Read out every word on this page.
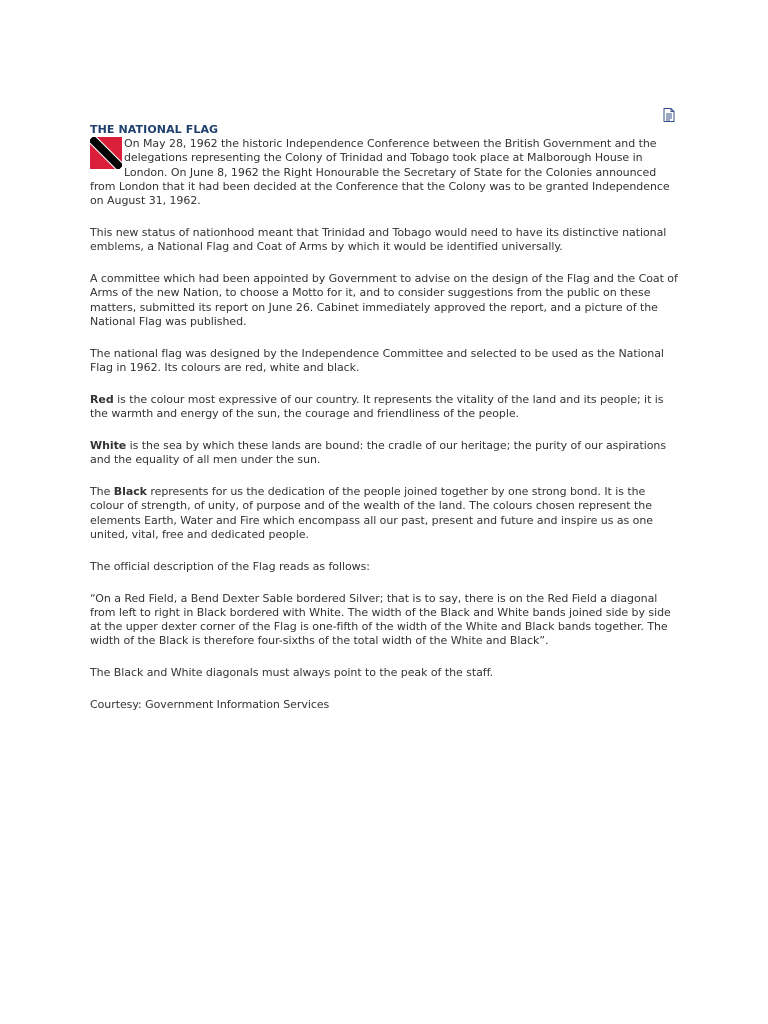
THE NATIONAL FLAG

On May 28, 1962 the historic Independence Conference between the British Government and the delegations representing the Colony of Trinidad and Tobago took place at Malborough House in London. On June 8, 1962 the Right Honourable the Secretary of State for the Colonies announced from London that it had been decided at the Conference that the Colony was to be granted Independence on August 31, 1962.

This new status of nationhood meant that Trinidad and Tobago would need to have its distinctive national emblems, a National Flag and Coat of Arms by which it would be identified universally.

A committee which had been appointed by Government to advise on the design of the Flag and the Coat of Arms of the new Nation, to choose a Motto for it, and to consider suggestions from the public on these matters, submitted its report on June 26. Cabinet immediately approved the report, and a picture of the National Flag was published.

The national flag was designed by the Independence Committee and selected to be used as the National Flag in 1962. Its colours are red, white and black.

Red is the colour most expressive of our country. It represents the vitality of the land and its people; it is the warmth and energy of the sun, the courage and friendliness of the people.

White is the sea by which these lands are bound: the cradle of our heritage; the purity of our aspirations and the equality of all men under the sun.

The Black represents for us the dedication of the people joined together by one strong bond. It is the colour of strength, of unity, of purpose and of the wealth of the land. The colours chosen represent the elements Earth, Water and Fire which encompass all our past, present and future and inspire us as one united, vital, free and dedicated people.

The official description of the Flag reads as follows:

“On a Red Field, a Bend Dexter Sable bordered Silver; that is to say, there is on the Red Field a diagonal from left to right in Black bordered with White. The width of the Black and White bands joined side by side at the upper dexter corner of the Flag is one-fifth of the width of the White and Black bands together. The width of the Black is therefore four-sixths of the total width of the White and Black”.

The Black and White diagonals must always point to the peak of the staff.

Courtesy: Government Information Services
